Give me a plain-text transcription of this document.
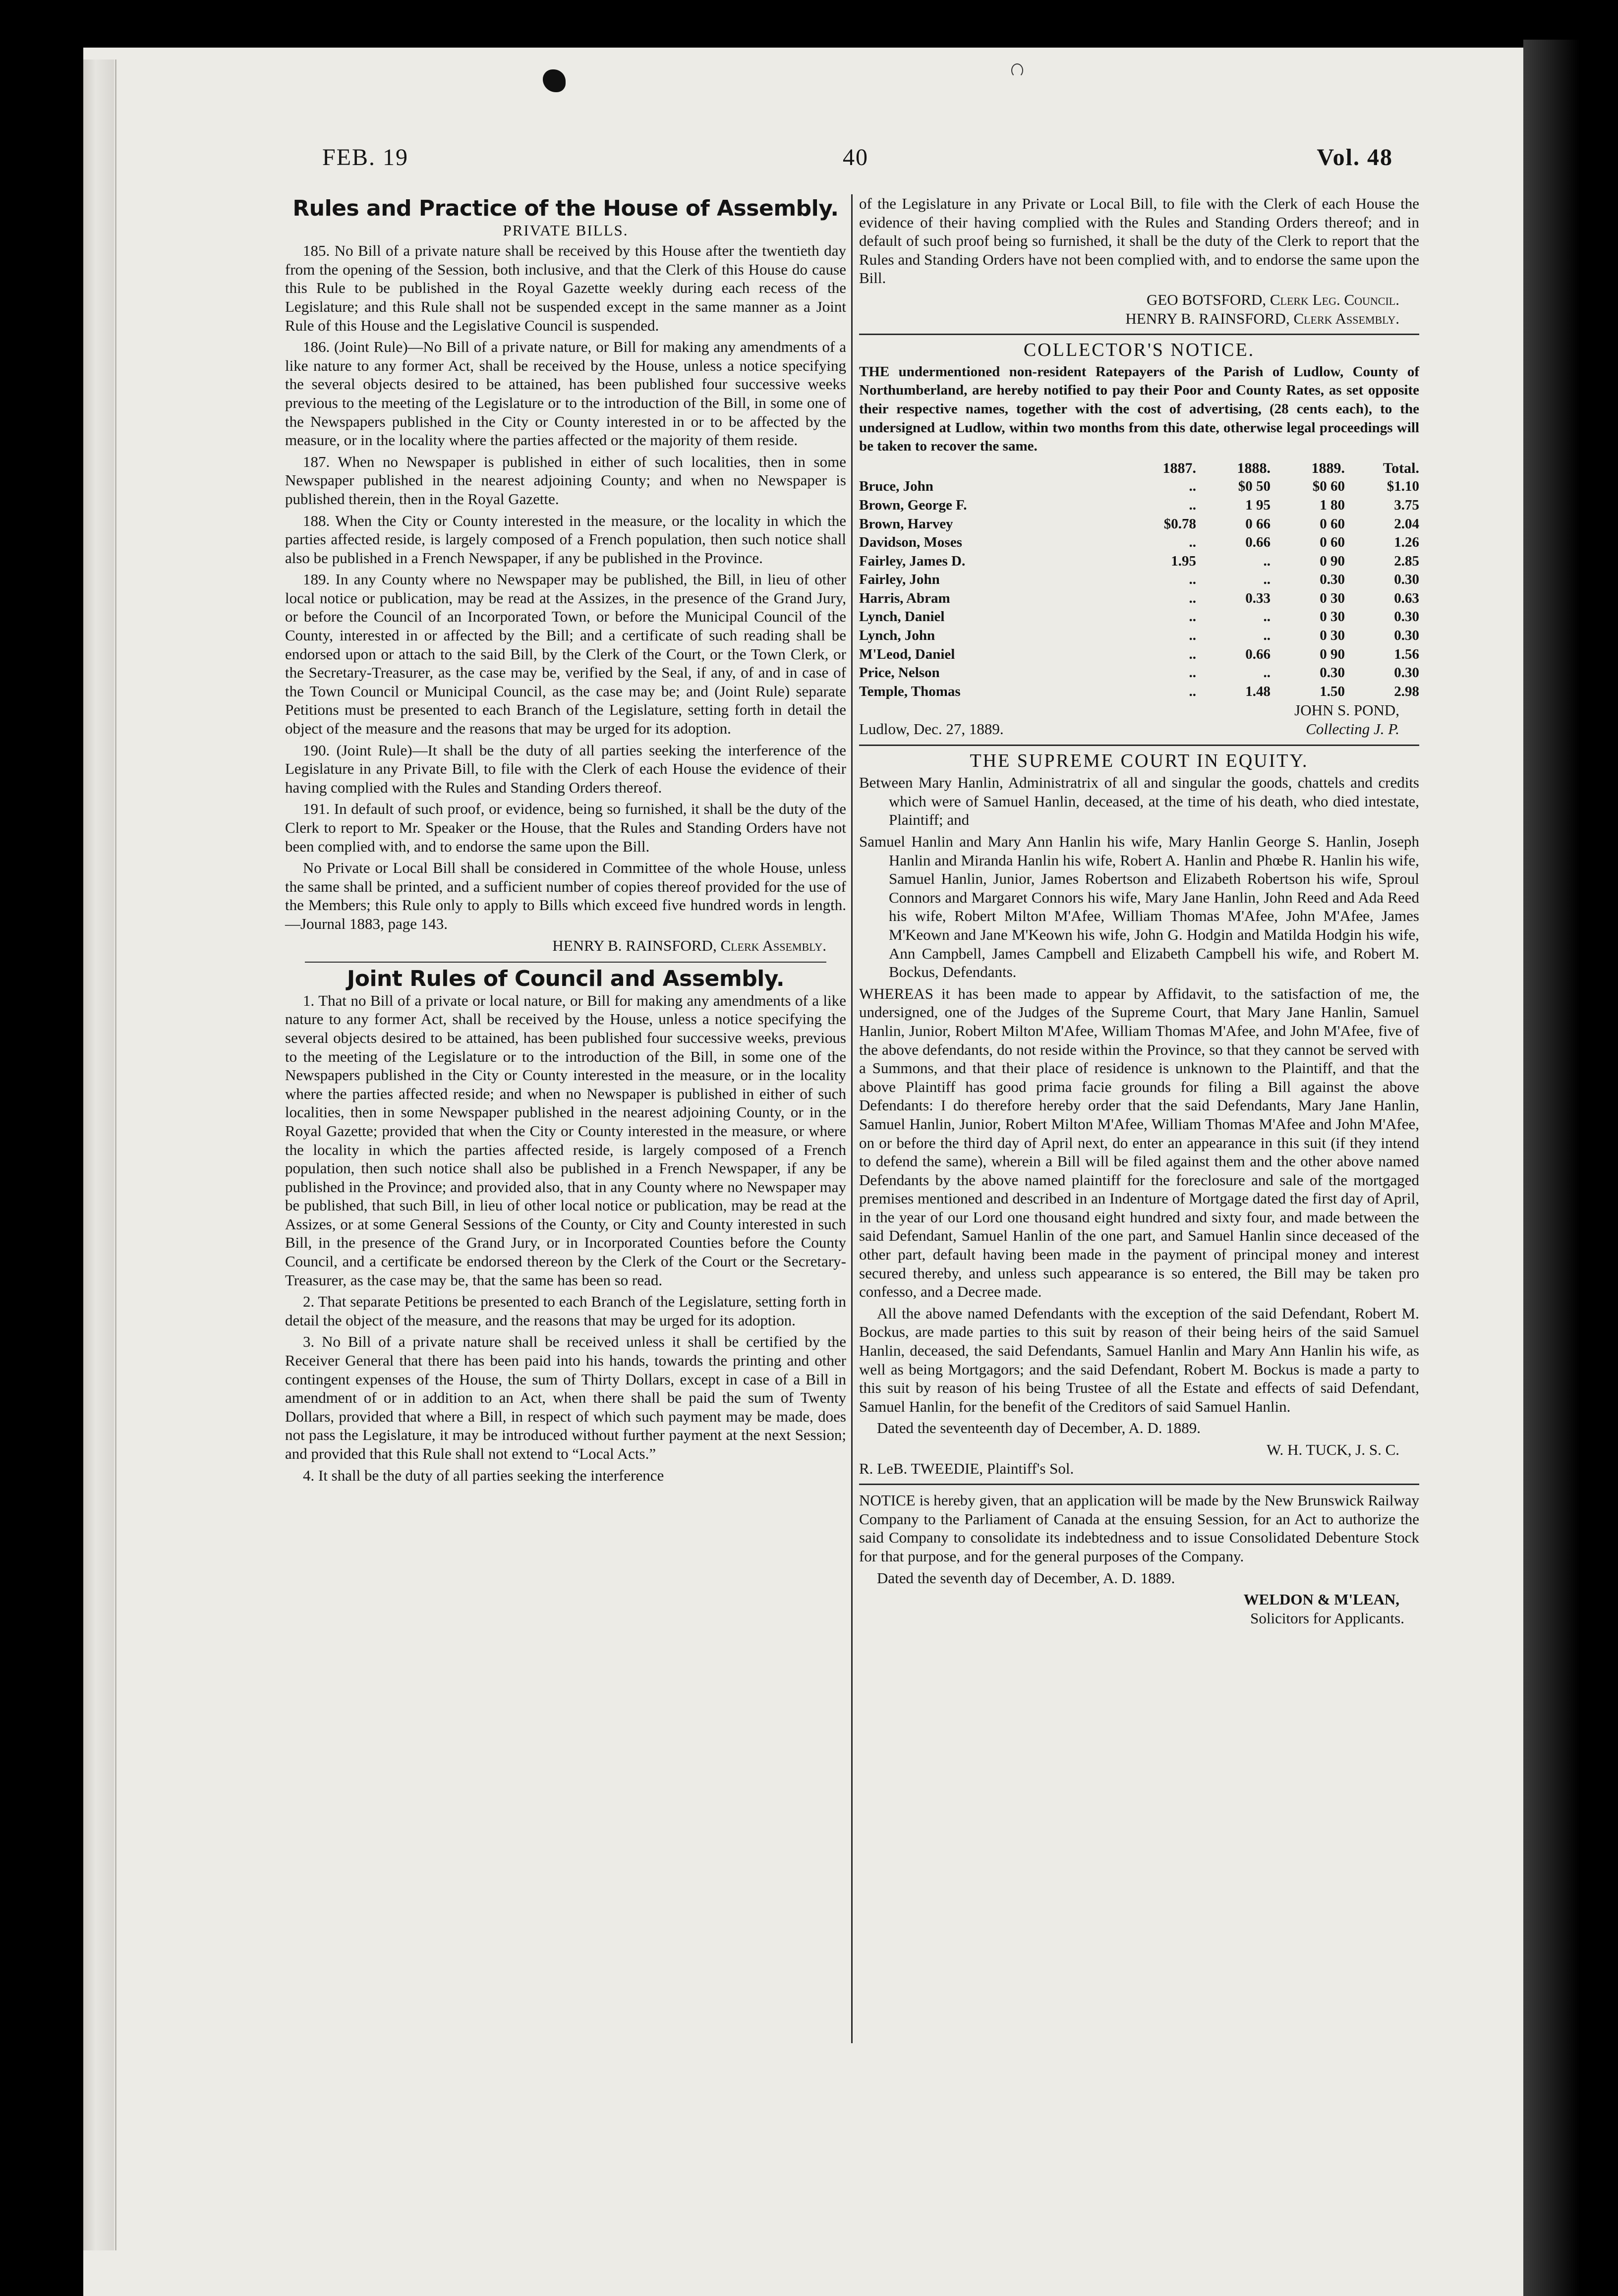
FEB. 19	40	Vol. 48
Rules and Practice of the House of Assembly.
PRIVATE BILLS.

185. No Bill of a private nature shall be received by this House after the twentieth day from the opening of the Session, both inclusive, and that the Clerk of this House do cause this Rule to be published in the Royal Gazette weekly during each recess of the Legislature; and this Rule shall not be suspended except in the same manner as a Joint Rule of this House and the Legislative Council is suspended.

186. (Joint Rule)—No Bill of a private nature, or Bill for making any amendments of a like nature to any former Act, shall be received by the House, unless a notice specifying the several objects desired to be attained, has been published four successive weeks previous to the meeting of the Legislature or to the introduction of the Bill, in some one of the Newspapers published in the City or County interested in or to be affected by the measure, or in the locality where the parties affected or the majority of them reside.

187. When no Newspaper is published in either of such localities, then in some Newspaper published in the nearest adjoining County; and when no Newspaper is published therein, then in the Royal Gazette.

188. When the City or County interested in the measure, or the locality in which the parties affected reside, is largely composed of a French population, then such notice shall also be published in a French Newspaper, if any be published in the Province.

189. In any County where no Newspaper may be published, the Bill, in lieu of other local notice or publication, may be read at the Assizes, in the presence of the Grand Jury, or before the Council of an Incorporated Town, or before the Municipal Council of the County, interested in or affected by the Bill; and a certificate of such reading shall be endorsed upon or attach to the said Bill, by the Clerk of the Court, or the Town Clerk, or the Secretary-Treasurer, as the case may be, verified by the Seal, if any, of and in case of the Town Council or Municipal Council, as the case may be; and (Joint Rule) separate Petitions must be presented to each Branch of the Legislature, setting forth in detail the object of the measure and the reasons that may be urged for its adoption.

190. (Joint Rule)—It shall be the duty of all parties seeking the interference of the Legislature in any Private Bill, to file with the Clerk of each House the evidence of their having complied with the Rules and Standing Orders thereof.

191. In default of such proof, or evidence, being so furnished, it shall be the duty of the Clerk to report to Mr. Speaker or the House, that the Rules and Standing Orders have not been complied with, and to endorse the same upon the Bill.

No Private or Local Bill shall be considered in Committee of the whole House, unless the same shall be printed, and a sufficient number of copies thereof provided for the use of the Members; this Rule only to apply to Bills which exceed five hundred words in length.—Journal 1883, page 143.

HENRY B. RAINSFORD, Clerk Assembly.
Joint Rules of Council and Assembly.

1. That no Bill of a private or local nature, or Bill for making any amendments of a like nature to any former Act, shall be received by the House, unless a notice specifying the several objects desired to be attained, has been published four successive weeks, previous to the meeting of the Legislature or to the introduction of the Bill, in some one of the Newspapers published in the City or County interested in the measure, or in the locality where the parties affected reside; and when no Newspaper is published in either of such localities, then in some Newspaper published in the nearest adjoining County, or in the Royal Gazette; provided that when the City or County interested in the measure, or where the locality in which the parties affected reside, is largely composed of a French population, then such notice shall also be published in a French Newspaper, if any be published in the Province; and provided also, that in any County where no Newspaper may be published, that such Bill, in lieu of other local notice or publication, may be read at the Assizes, or at some General Sessions of the County, or City and County interested in such Bill, in the presence of the Grand Jury, or in Incorporated Counties before the County Council, and a certificate be endorsed thereon by the Clerk of the Court or the Secretary-Treasurer, as the case may be, that the same has been so read.

2. That separate Petitions be presented to each Branch of the Legislature, setting forth in detail the object of the measure, and the reasons that may be urged for its adoption.

3. No Bill of a private nature shall be received unless it shall be certified by the Receiver General that there has been paid into his hands, towards the printing and other contingent expenses of the House, the sum of Thirty Dollars, except in case of a Bill in amendment of or in addition to an Act, when there shall be paid the sum of Twenty Dollars, provided that where a Bill, in respect of which such payment may be made, does not pass the Legislature, it may be introduced without further payment at the next Session; and provided that this Rule shall not extend to “Local Acts.”

4. It shall be the duty of all parties seeking the interference

of the Legislature in any Private or Local Bill, to file with the Clerk of each House the evidence of their having complied with the Rules and Standing Orders thereof; and in default of such proof being so furnished, it shall be the duty of the Clerk to report that the Rules and Standing Orders have not been complied with, and to endorse the same upon the Bill.

GEO BOTSFORD, Clerk Leg. Council.
HENRY B. RAINSFORD, Clerk Assembly.
COLLECTOR'S NOTICE.

THE undermentioned non-resident Ratepayers of the Parish of Ludlow, County of Northumberland, are hereby notified to pay their Poor and County Rates, as set opposite their respective names, together with the cost of advertising, (28 cents each), to the undersigned at Ludlow, within two months from this date, otherwise legal proceedings will be taken to recover the same.

	1887.	1888.	1889.	Total.
Bruce, John	..	$0 50	$0 60	$1.10
Brown, George F.	..	1 95	1 80	3.75
Brown, Harvey	$0.78	0 66	0 60	2.04
Davidson, Moses	..	0.66	0 60	1.26
Fairley, James D.	1.95	..	0 90	2.85
Fairley, John	..	..	0.30	0.30
Harris, Abram	..	0.33	0 30	0.63
Lynch, Daniel	..	..	0 30	0.30
Lynch, John	..	..	0 30	0.30
M'Leod, Daniel	..	0.66	0 90	1.56
Price, Nelson	..	..	0.30	0.30
Temple, Thomas	..	1.48	1.50	2.98
JOHN S. POND,
Ludlow, Dec. 27, 1889.	Collecting J. P.
THE SUPREME COURT IN EQUITY.
Between Mary Hanlin, Administratrix of all and singular the goods, chattels and credits which were of Samuel Hanlin, deceased, at the time of his death, who died intestate, Plaintiff; and
Samuel Hanlin and Mary Ann Hanlin his wife, Mary Hanlin George S. Hanlin, Joseph Hanlin and Miranda Hanlin his wife, Robert A. Hanlin and Phœbe R. Hanlin his wife, Samuel Hanlin, Junior, James Robertson and Elizabeth Robertson his wife, Sproul Connors and Margaret Connors his wife, Mary Jane Hanlin, John Reed and Ada Reed his wife, Robert Milton M'Afee, William Thomas M'Afee, John M'Afee, James M'Keown and Jane M'Keown his wife, John G. Hodgin and Matilda Hodgin his wife, Ann Campbell, James Campbell and Elizabeth Campbell his wife, and Robert M. Bockus, Defendants.

WHEREAS it has been made to appear by Affidavit, to the satisfaction of me, the undersigned, one of the Judges of the Supreme Court, that Mary Jane Hanlin, Samuel Hanlin, Junior, Robert Milton M'Afee, William Thomas M'Afee, and John M'Afee, five of the above defendants, do not reside within the Province, so that they cannot be served with a Summons, and that their place of residence is unknown to the Plaintiff, and that the above Plaintiff has good prima facie grounds for filing a Bill against the above Defendants: I do therefore hereby order that the said Defendants, Mary Jane Hanlin, Samuel Hanlin, Junior, Robert Milton M'Afee, William Thomas M'Afee and John M'Afee, on or before the third day of April next, do enter an appearance in this suit (if they intend to defend the same), wherein a Bill will be filed against them and the other above named Defendants by the above named plaintiff for the foreclosure and sale of the mortgaged premises mentioned and described in an Indenture of Mortgage dated the first day of April, in the year of our Lord one thousand eight hundred and sixty four, and made between the said Defendant, Samuel Hanlin of the one part, and Samuel Hanlin since deceased of the other part, default having been made in the payment of principal money and interest secured thereby, and unless such appearance is so entered, the Bill may be taken pro confesso, and a Decree made.

All the above named Defendants with the exception of the said Defendant, Robert M. Bockus, are made parties to this suit by reason of their being heirs of the said Samuel Hanlin, deceased, the said Defendants, Samuel Hanlin and Mary Ann Hanlin his wife, as well as being Mortgagors; and the said Defendant, Robert M. Bockus is made a party to this suit by reason of his being Trustee of all the Estate and effects of said Defendant, Samuel Hanlin, for the benefit of the Creditors of said Samuel Hanlin.

Dated the seventeenth day of December, A. D. 1889.

W. H. TUCK, J. S. C.

R. LeB. TWEEDIE, Plaintiff's Sol.

NOTICE is hereby given, that an application will be made by the New Brunswick Railway Company to the Parliament of Canada at the ensuing Session, for an Act to authorize the said Company to consolidate its indebtedness and to issue Consolidated Debenture Stock for that purpose, and for the general purposes of the Company.

Dated the seventh day of December, A. D. 1889.

WELDON & M'LEAN,
Solicitors for Applicants.
